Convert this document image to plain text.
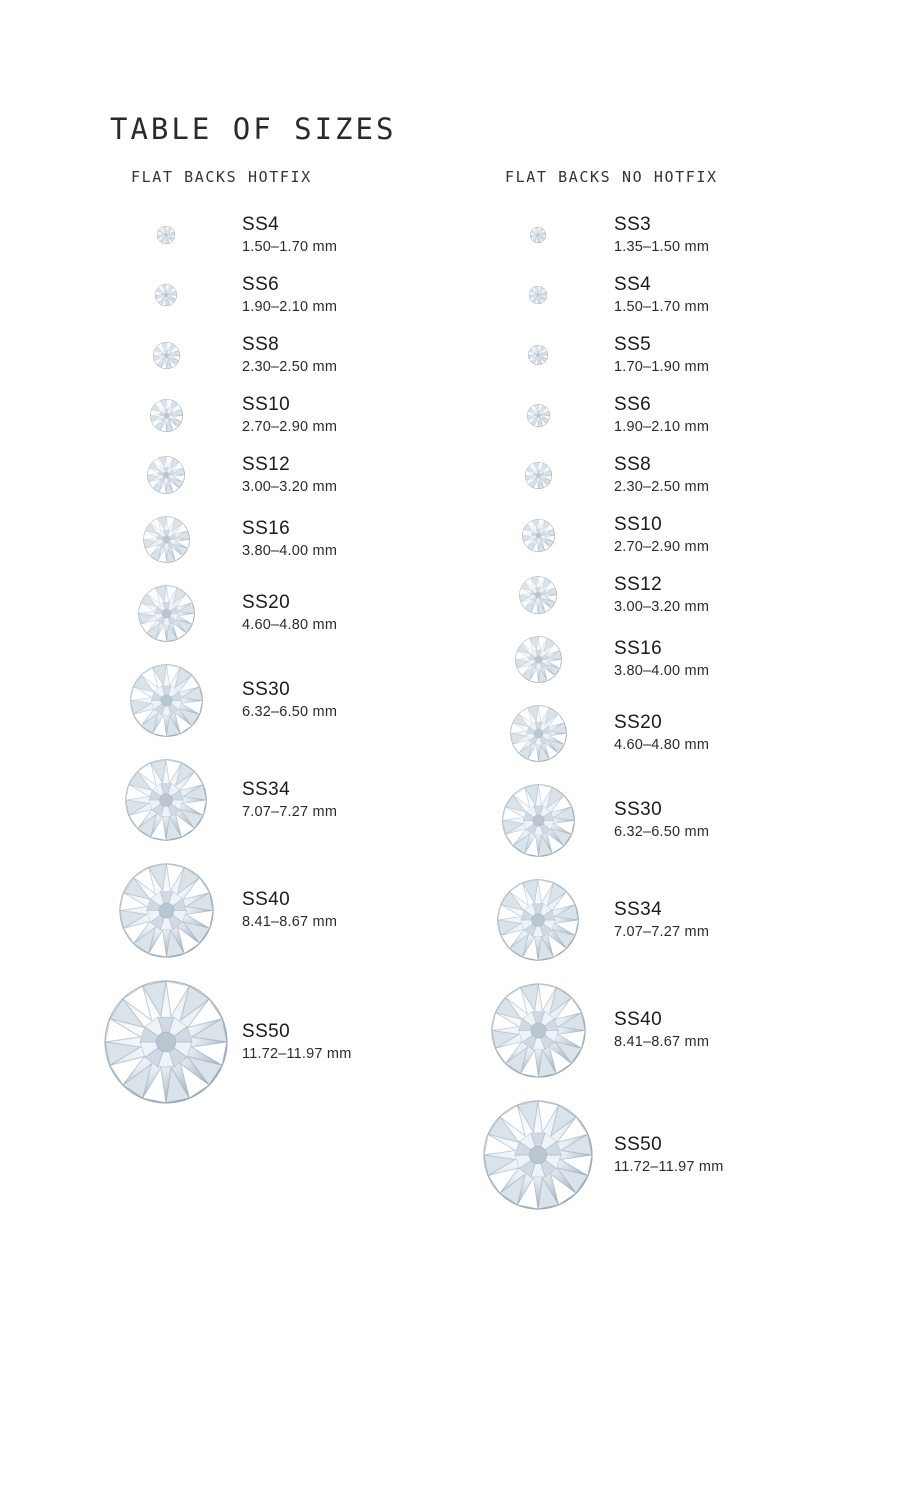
TABLE OF SIZES
FLAT BACKS HOTFIX	FLAT BACKS NO HOTFIX
SS4
1.50–1.70 mm
SS6
1.90–2.10 mm
SS8
2.30–2.50 mm
SS10
2.70–2.90 mm
SS12
3.00–3.20 mm
SS16
3.80–4.00 mm
SS20
4.60–4.80 mm
SS30
6.32–6.50 mm
SS34
7.07–7.27 mm
SS40
8.41–8.67 mm
SS50
11.72–11.97 mm
SS3
1.35–1.50 mm
SS4
1.50–1.70 mm
SS5
1.70–1.90 mm
SS6
1.90–2.10 mm
SS8
2.30–2.50 mm
SS10
2.70–2.90 mm
SS12
3.00–3.20 mm
SS16
3.80–4.00 mm
SS20
4.60–4.80 mm
SS30
6.32–6.50 mm
SS34
7.07–7.27 mm
SS40
8.41–8.67 mm
SS50
11.72–11.97 mm
